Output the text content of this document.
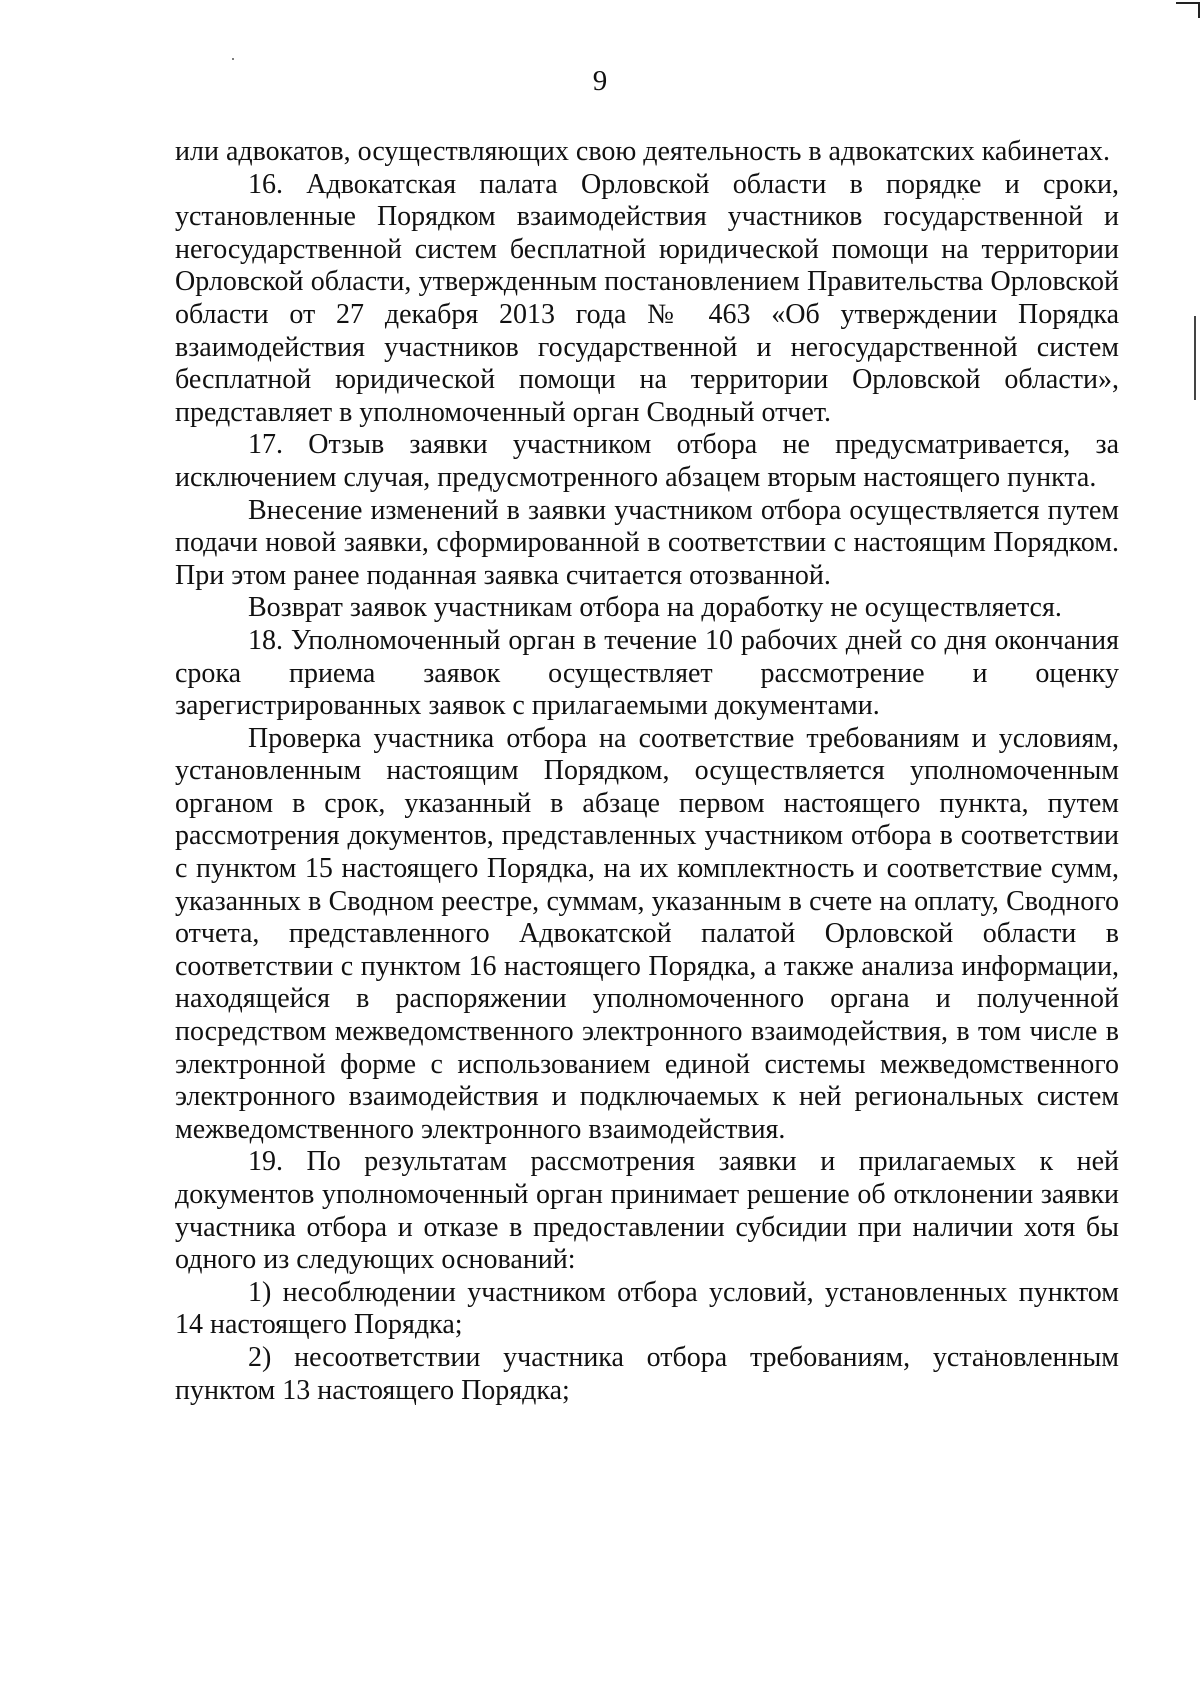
9

или адвокатов, осуществляющих свою деятельность в адвокатских кабинетах.

16. Адвокатская палата Орловской области в порядке и сроки, установленные Порядком взаимодействия участников государственной и негосударственной систем бесплатной юридической помощи на территории Орловской области, утвержденным постановлением Правительства Орловской области от 27 декабря 2013 года № 463 «Об утверждении Порядка взаимодействия участников государственной и негосударственной систем бесплатной юридической помощи на территории Орловской области», представляет в уполномоченный орган Сводный отчет.

17. Отзыв заявки участником отбора не предусматривается, за исключением случая, предусмотренного абзацем вторым настоящего пункта.

Внесение изменений в заявки участником отбора осуществляется путем подачи новой заявки, сформированной в соответствии с настоящим Порядком. При этом ранее поданная заявка считается отозванной.

Возврат заявок участникам отбора на доработку не осуществляется.

18. Уполномоченный орган в течение 10 рабочих дней со дня окончания срока приема заявок осуществляет рассмотрение и оценку зарегистрированных заявок с прилагаемыми документами.

Проверка участника отбора на соответствие требованиям и условиям, установленным настоящим Порядком, осуществляется уполномоченным органом в срок, указанный в абзаце первом настоящего пункта, путем рассмотрения документов, представленных участником отбора в соответствии с пунктом 15 настоящего Порядка, на их комплектность и соответствие сумм, указанных в Сводном реестре, суммам, указанным в счете на оплату, Сводного отчета, представленного Адвокатской палатой Орловской области в соответствии с пунктом 16 настоящего Порядка, а также анализа информации, находящейся в распоряжении уполномоченного органа и полученной посредством межведомственного электронного взаимодействия, в том числе в электронной форме с использованием единой системы межведомственного электронного взаимодействия и подключаемых к ней региональных систем межведомственного электронного взаимодействия.

19. По результатам рассмотрения заявки и прилагаемых к ней документов уполномоченный орган принимает решение об отклонении заявки участника отбора и отказе в предоставлении субсидии при наличии хотя бы одного из следующих оснований:

1) несоблюдении участником отбора условий, установленных пунктом 14 настоящего Порядка;

2) несоответствии участника отбора требованиям, установленным пунктом 13 настоящего Порядка;
